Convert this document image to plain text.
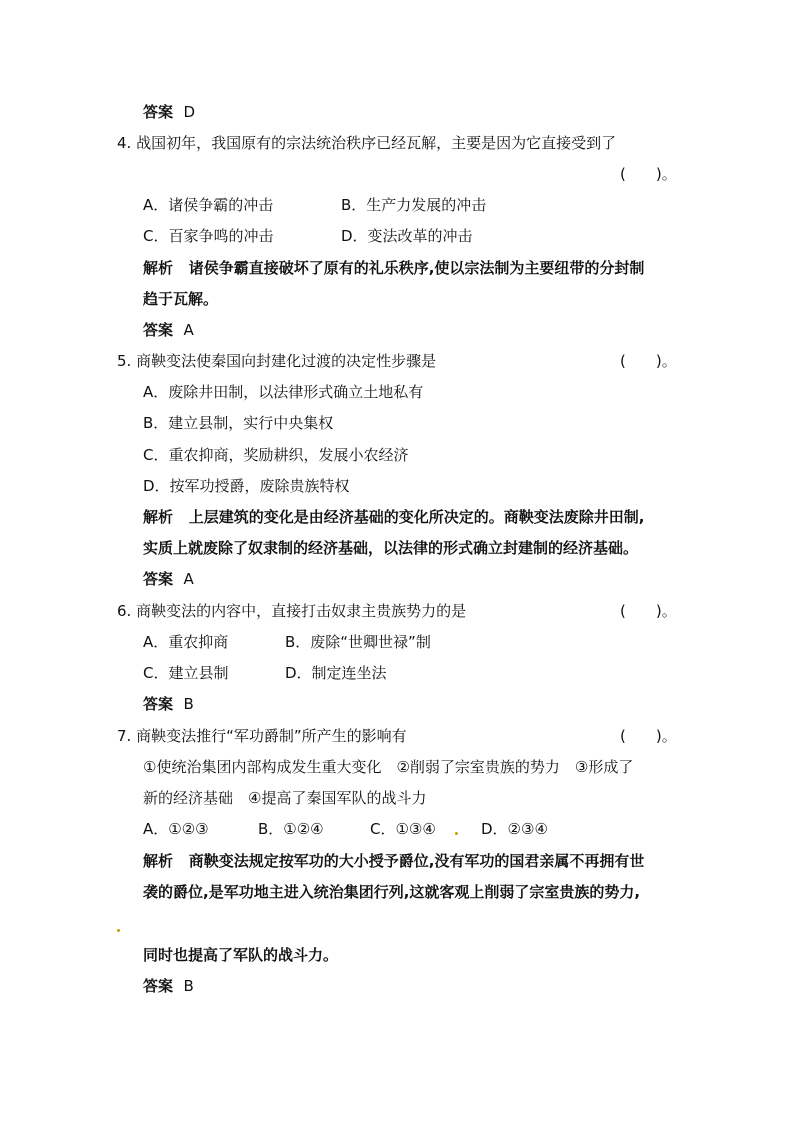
答案 D
4. 战国初年，我国原有的宗法统治秩序已经瓦解，主要是因为它直接受到了
(　　)。
A．诸侯争霸的冲击	B．生产力发展的冲击
C．百家争鸣的冲击	D．变法改革的冲击
解析 诸侯争霸直接破坏了原有的礼乐秩序,使以宗法制为主要纽带的分封制
趋于瓦解。
答案 A
5. 商鞅变法使秦国向封建化过渡的决定性步骤是	(　　)。
A．废除井田制，以法律形式确立土地私有
B．建立县制，实行中央集权
C．重农抑商，奖励耕织，发展小农经济
D．按军功授爵，废除贵族特权
解析 上层建筑的变化是由经济基础的变化所决定的。商鞅变法废除井田制,
实质上就废除了奴隶制的经济基础，以法律的形式确立封建制的经济基础。
答案 A
6. 商鞅变法的内容中，直接打击奴隶主贵族势力的是	(　　)。
A．重农抑商	B．废除“世卿世禄”制
C．建立县制	D．制定连坐法
答案 B
7. 商鞅变法推行“军功爵制”所产生的影响有	(　　)。
①使统治集团内部构成发生重大变化　②削弱了宗室贵族的势力　③形成了
新的经济基础　④提高了秦国军队的战斗力
A．①②③	B．①②④	C．①③④	D．②③④
解析 商鞅变法规定按军功的大小授予爵位,没有军功的国君亲属不再拥有世
袭的爵位,是军功地主进入统治集团行列,这就客观上削弱了宗室贵族的势力,
同时也提高了军队的战斗力。
答案 B
